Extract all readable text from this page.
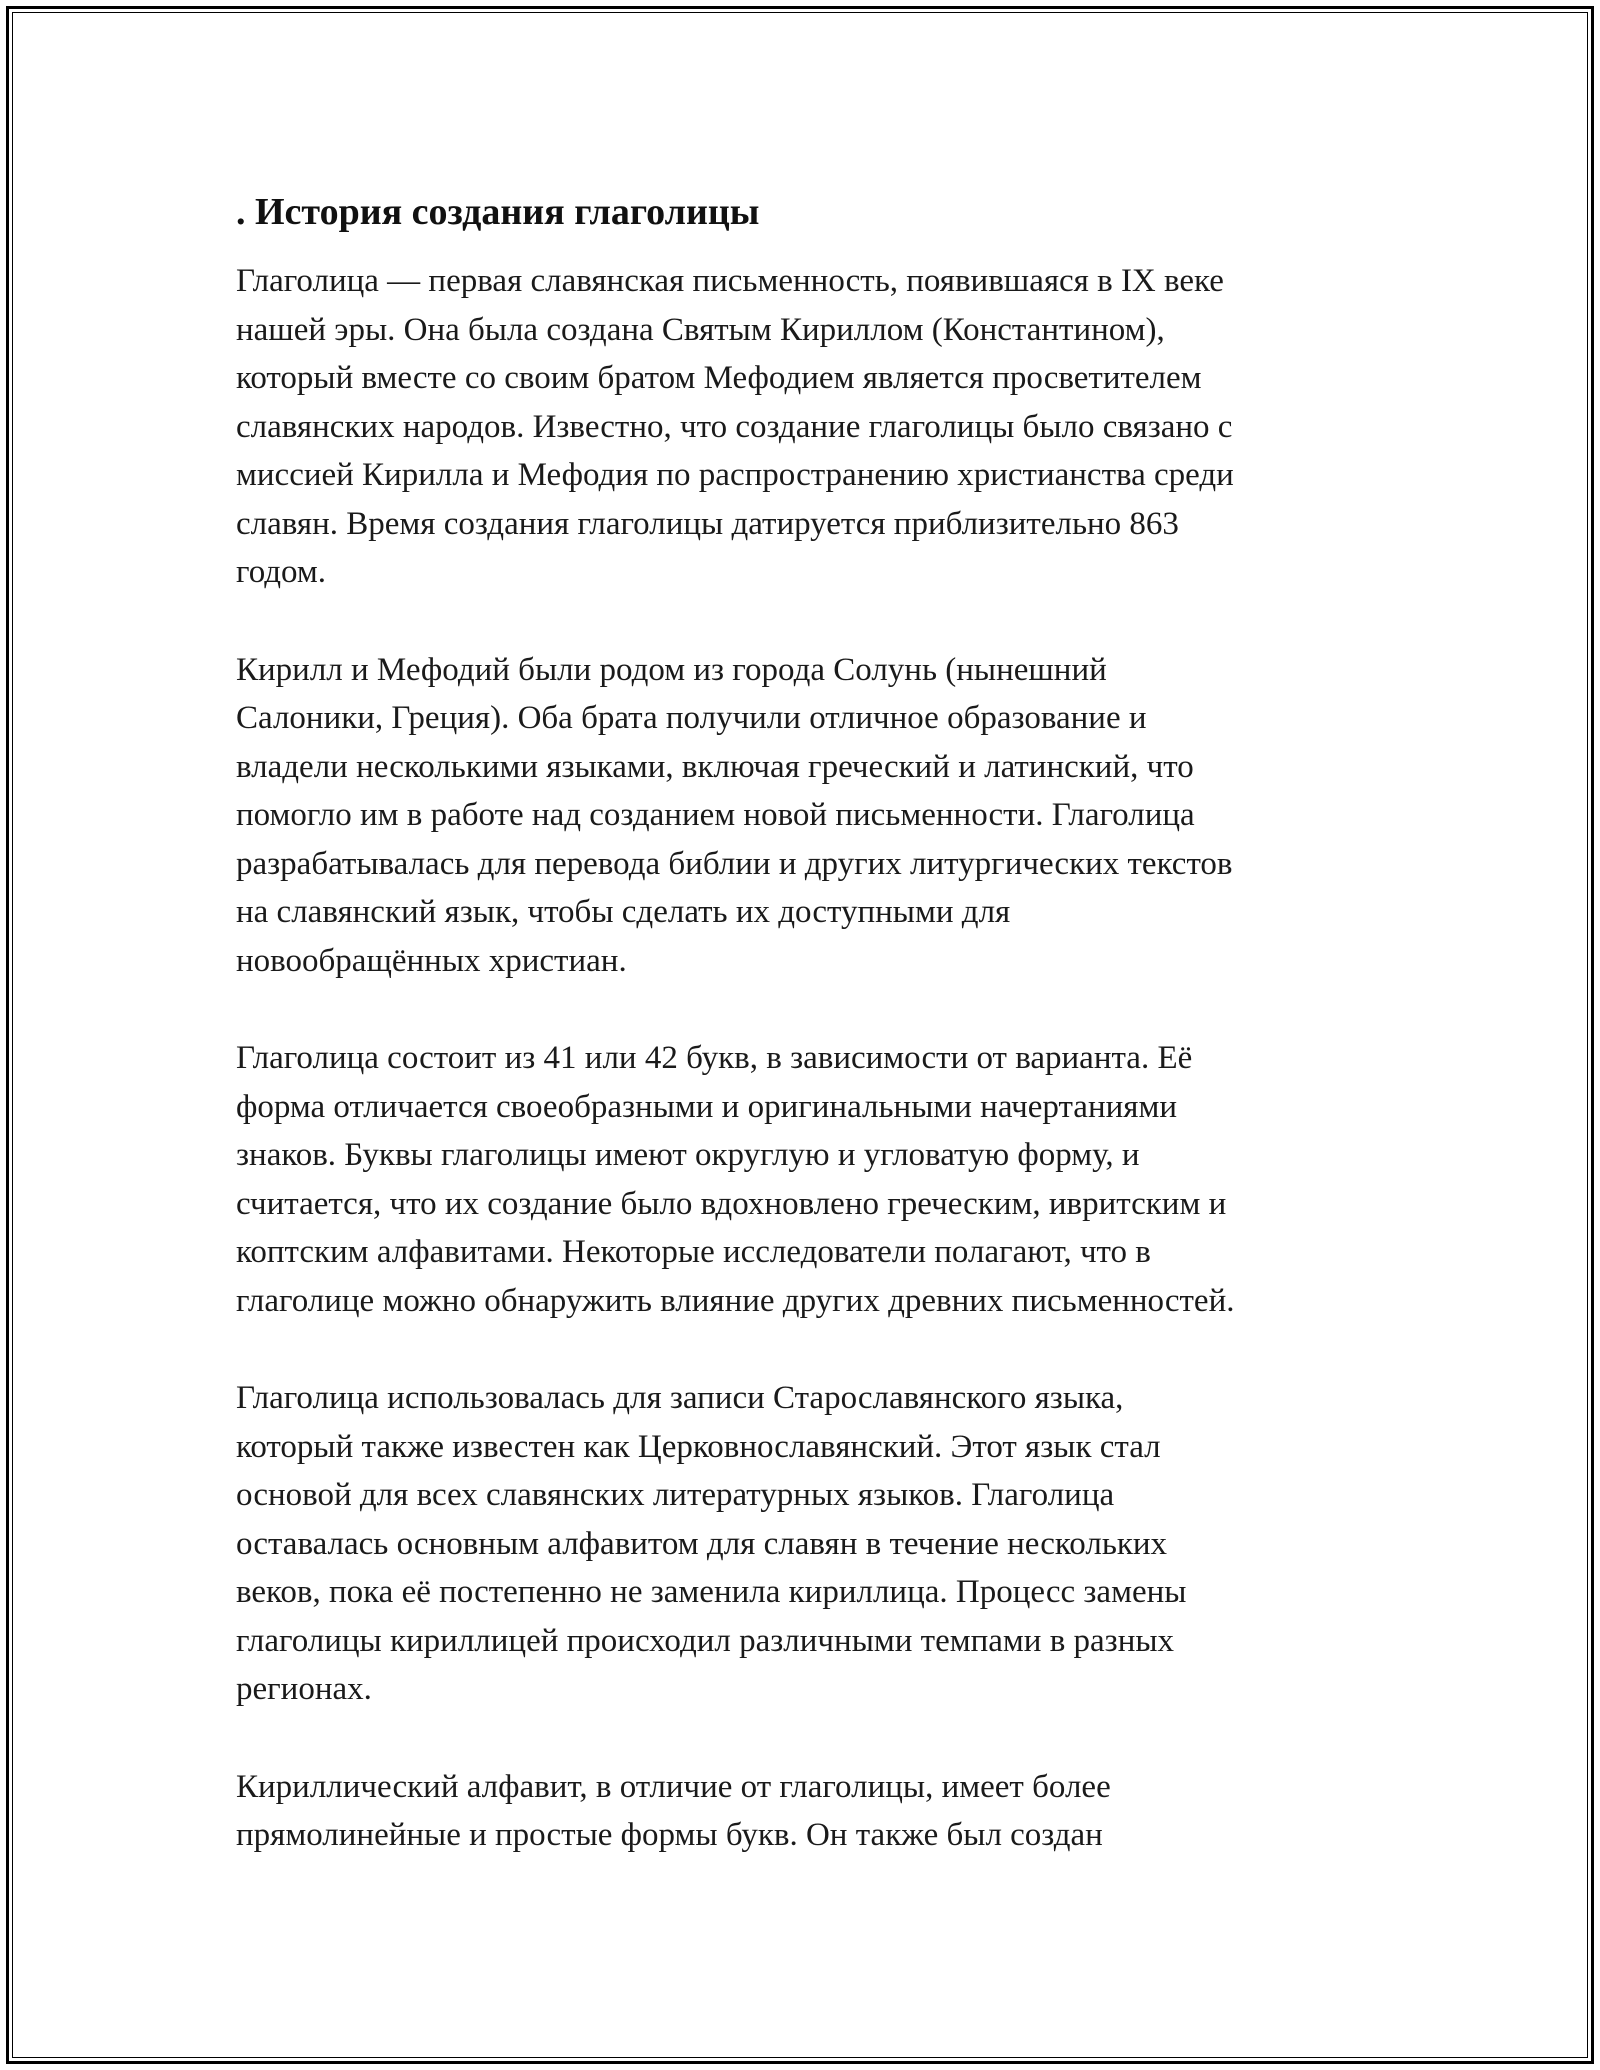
. История создания глаголицы

Глаголица — первая славянская письменность, появившаяся в IX веке
нашей эры. Она была создана Святым Кириллом (Константином),
который вместе со своим братом Мефодием является просветителем
славянских народов. Известно, что создание глаголицы было связано с
миссией Кирилла и Мефодия по распространению христианства среди
славян. Время создания глаголицы датируется приблизительно 863
годом.

Кирилл и Мефодий были родом из города Солунь (нынешний
Салоники, Греция). Оба брата получили отличное образование и
владели несколькими языками, включая греческий и латинский, что
помогло им в работе над созданием новой письменности. Глаголица
разрабатывалась для перевода библии и других литургических текстов
на славянский язык, чтобы сделать их доступными для
новообращённых христиан.

Глаголица состоит из 41 или 42 букв, в зависимости от варианта. Её
форма отличается своеобразными и оригинальными начертаниями
знаков. Буквы глаголицы имеют округлую и угловатую форму, и
считается, что их создание было вдохновлено греческим, ивритским и
коптским алфавитами. Некоторые исследователи полагают, что в
глаголице можно обнаружить влияние других древних письменностей.

Глаголица использовалась для записи Старославянского языка,
который также известен как Церковнославянский. Этот язык стал
основой для всех славянских литературных языков. Глаголица
оставалась основным алфавитом для славян в течение нескольких
веков, пока её постепенно не заменила кириллица. Процесс замены
глаголицы кириллицей происходил различными темпами в разных
регионах.

Кириллический алфавит, в отличие от глаголицы, имеет более
прямолинейные и простые формы букв. Он также был создан
